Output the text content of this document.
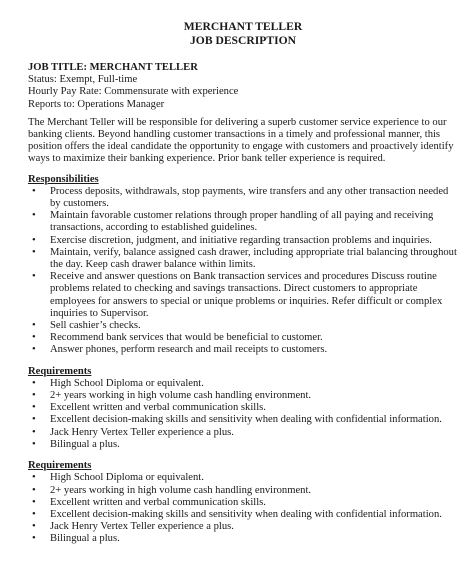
MERCHANT TELLER

JOB DESCRIPTION

JOB TITLE: MERCHANT TELLER

Status: Exempt, Full-time

Hourly Pay Rate: Commensurate with experience

Reports to: Operations Manager

The Merchant Teller will be responsible for delivering a superb customer service experience to our banking clients. Beyond handling customer transactions in a timely and professional manner, this position offers the ideal candidate the opportunity to engage with customers and proactively identify ways to maximize their banking experience. Prior bank teller experience is required.

Responsibilities

• Process deposits, withdrawals, stop payments, wire transfers and any other transaction needed by customers.
• Maintain favorable customer relations through proper handling of all paying and receiving transactions, according to established guidelines.
• Exercise discretion, judgment, and initiative regarding transaction problems and inquiries.
• Maintain, verify, balance assigned cash drawer, including appropriate trial balancing throughout the day. Keep cash drawer balance within limits.
• Receive and answer questions on Bank transaction services and procedures Discuss routine problems related to checking and savings transactions. Direct customers to appropriate employees for answers to special or unique problems or inquiries. Refer difficult or complex inquiries to Supervisor.
• Sell cashier’s checks.
• Recommend bank services that would be beneficial to customer.
• Answer phones, perform research and mail receipts to customers.

Requirements

• High School Diploma or equivalent.
• 2+ years working in high volume cash handling environment.
• Excellent written and verbal communication skills.
• Excellent decision-making skills and sensitivity when dealing with confidential information.
• Jack Henry Vertex Teller experience a plus.
• Bilingual a plus.

Requirements

• High School Diploma or equivalent.
• 2+ years working in high volume cash handling environment.
• Excellent written and verbal communication skills.
• Excellent decision-making skills and sensitivity when dealing with confidential information.
• Jack Henry Vertex Teller experience a plus.
• Bilingual a plus.
